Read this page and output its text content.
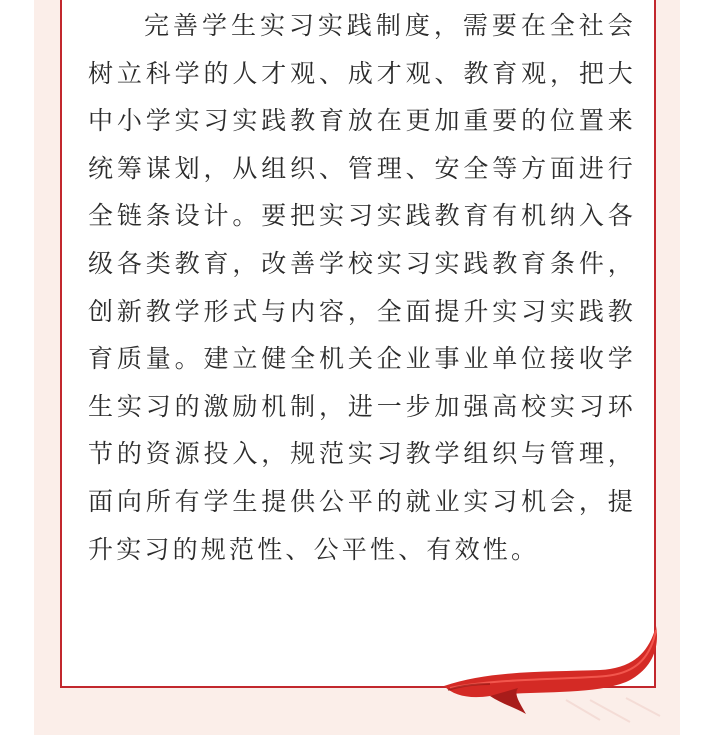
完善学生实习实践制度，需要在全社会树立科学的人才观、成才观、教育观，把大中小学实习实践教育放在更加重要的位置来统筹谋划，从组织、管理、安全等方面进行全链条设计。要把实习实践教育有机纳入各级各类教育，改善学校实习实践教育条件，创新教学形式与内容，全面提升实习实践教育质量。建立健全机关企业事业单位接收学生实习的激励机制，进一步加强高校实习环节的资源投入，规范实习教学组织与管理，面向所有学生提供公平的就业实习机会，提升实习的规范性、公平性、有效性。
